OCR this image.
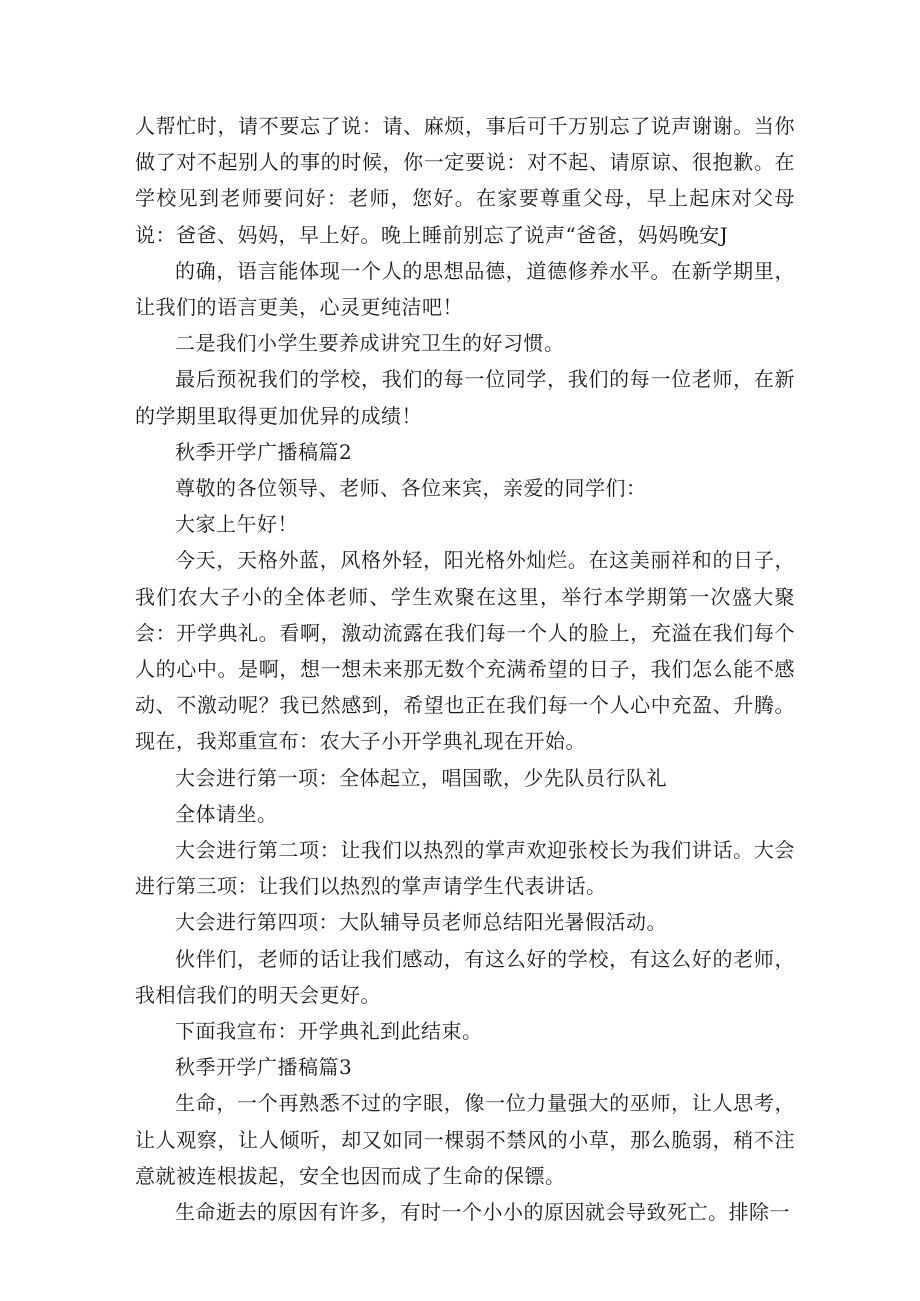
人帮忙时，请不要忘了说：请、麻烦，事后可千万别忘了说声谢谢。当你做了对不起别人的事的时候，你一定要说：对不起、请原谅、很抱歉。在学校见到老师要问好：老师，您好。在家要尊重父母，早上起床对父母说：爸爸、妈妈，早上好。晚上睡前别忘了说声“爸爸，妈妈晚安J

的确，语言能体现一个人的思想品德，道德修养水平。在新学期里，让我们的语言更美，心灵更纯洁吧！

二是我们小学生要养成讲究卫生的好习惯。

最后预祝我们的学校，我们的每一位同学，我们的每一位老师，在新的学期里取得更加优异的成绩！

秋季开学广播稿篇2

尊敬的各位领导、老师、各位来宾，亲爱的同学们：

大家上午好！

今天，天格外蓝，风格外轻，阳光格外灿烂。在这美丽祥和的日子，我们农大子小的全体老师、学生欢聚在这里，举行本学期第一次盛大聚会：开学典礼。看啊，激动流露在我们每一个人的脸上，充溢在我们每个人的心中。是啊，想一想未来那无数个充满希望的日子，我们怎么能不感动、不激动呢？我已然感到，希望也正在我们每一个人心中充盈、升腾。现在，我郑重宣布：农大子小开学典礼现在开始。

大会进行第一项：全体起立，唱国歌，少先队员行队礼

全体请坐。

大会进行第二项：让我们以热烈的掌声欢迎张校长为我们讲话。大会进行第三项：让我们以热烈的掌声请学生代表讲话。

大会进行第四项：大队辅导员老师总结阳光暑假活动。

伙伴们，老师的话让我们感动，有这么好的学校，有这么好的老师，我相信我们的明天会更好。

下面我宣布：开学典礼到此结束。

秋季开学广播稿篇3

生命，一个再熟悉不过的字眼，像一位力量强大的巫师，让人思考，让人观察，让人倾听，却又如同一棵弱不禁风的小草，那么脆弱，稍不注意就被连根拔起，安全也因而成了生命的保镖。

生命逝去的原因有许多，有时一个小小的原因就会导致死亡。排除一
